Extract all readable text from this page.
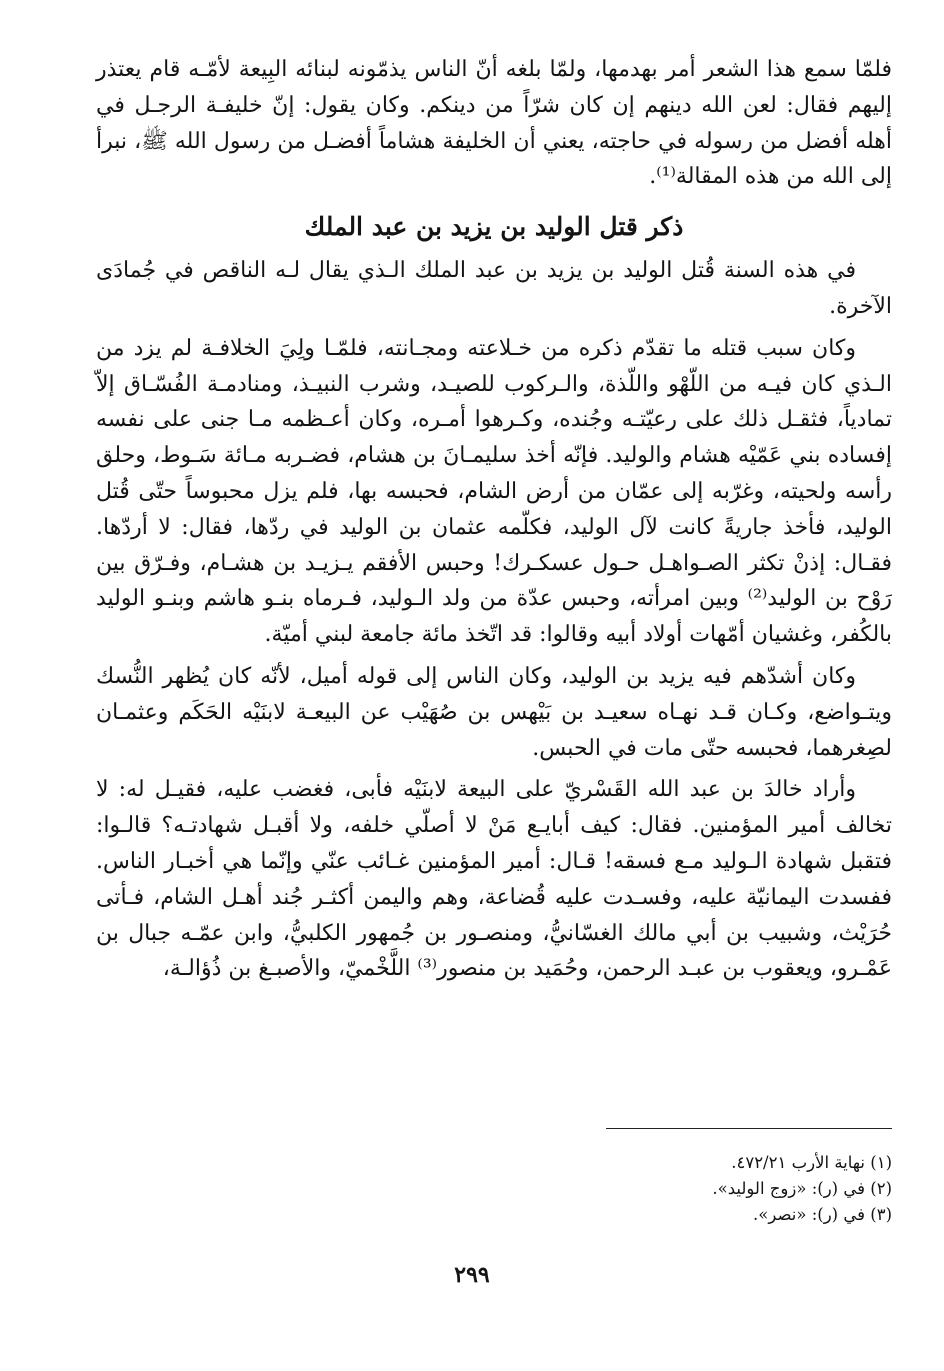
فلمّا سمع هذا الشعر أمر بهدمها، ولمّا بلغه أنّ الناس يذمّونه لبنائه البِيعة لأمّـه قام يعتذر إليهم فقال: لعن الله دينهم إن كان شرّاً من دينكم. وكان يقول: إنّ خليفـة الرجـل في أهله أفضل من رسوله في حاجته، يعني أن الخليفة هشاماً أفضـل من رسول الله ﷺ، نبرأ إلى الله من هذه المقالة⁽¹⁾.

ذكر قتل الوليد بن يزيد بن عبد الملك

في هذه السنة قُتل الوليد بن يزيد بن عبد الملك الـذي يقال لـه الناقص في جُمادَى الآخرة.

وكان سبب قتله ما تقدّم ذكره من خـلاعته ومجـانته، فلمّـا ولِيَ الخلافـة لم يزد من الـذي كان فيـه من اللّهْو واللّذة، والـركوب للصيـد، وشرب النبيـذ، ومنادمـة الفُسّـاق إلاّ تمادياً، فثقـل ذلك على رعيّتـه وجُنده، وكـرهوا أمـره، وكان أعـظمه مـا جنى على نفسه إفساده بني عَمّيْه هشام والوليد. فإنّه أخذ سليمـانَ بن هشام، فضـربه مـائة سَـوط، وحلق رأسه ولحيته، وغرّبه إلى عمّان من أرض الشام، فحبسه بها، فلم يزل محبوساً حتّى قُتل الوليد، فأخذ جاريةً كانت لآل الوليد، فكلّمه عثمان بن الوليد في ردّها، فقال: لا أردّها. فقـال: إذنْ تكثر الصـواهـل حـول عسكـرك! وحبس الأفقم يـزيـد بن هشـام، وفـرّق بين رَوْح بن الوليد⁽²⁾ وبين امرأته، وحبس عدّة من ولد الـوليد، فـرماه بنـو هاشم وبنـو الوليد بالكُفر، وغشيان أمّهات أولاد أبيه وقالوا: قد اتّخذ مائة جامعة لبني أميّة.

وكان أشدّهم فيه يزيد بن الوليد، وكان الناس إلى قوله أميل، لأنّه كان يُظهر النُّسك ويتـواضع، وكـان قـد نهـاه سعيـد بن بَيْهس بن صُهَيْب عن البيعـة لابنَيْه الحَكَم وعثمـان لصِغرهما، فحبسه حتّى مات في الحبس.

وأراد خالدَ بن عبد الله القَسْريّ على البيعة لابنَيْه فأبى، فغضب عليه، فقيـل له: لا تخالف أمير المؤمنين. فقال: كيف أبايـع مَنْ لا أصلّي خلفه، ولا أقبـل شهادتـه؟ قالـوا: فتقبل شهادة الـوليد مـع فسقه! قـال: أمير المؤمنين غـائب عنّي وإنّما هي أخبـار الناس. ففسدت اليمانيّة عليه، وفسـدت عليه قُضاعة، وهم واليمن أكثـر جُند أهـل الشام، فـأتى حُرَيْث، وشبيب بن أبي مالك الغسّانيُّ، ومنصـور بن جُمهور الكلبيُّ، وابن عمّـه جبال بن عَمْـرو، ويعقوب بن عبـد الرحمن، وحُمَيد بن منصور⁽³⁾ اللَّخْميّ، والأصبـغ بن ذُؤالـة،

(١) نهاية الأرب ٤٧٢/٢١.

(٢) في (ر): «زوج الوليد».

(٣) في (ر): «نصر».

٢٩٩
